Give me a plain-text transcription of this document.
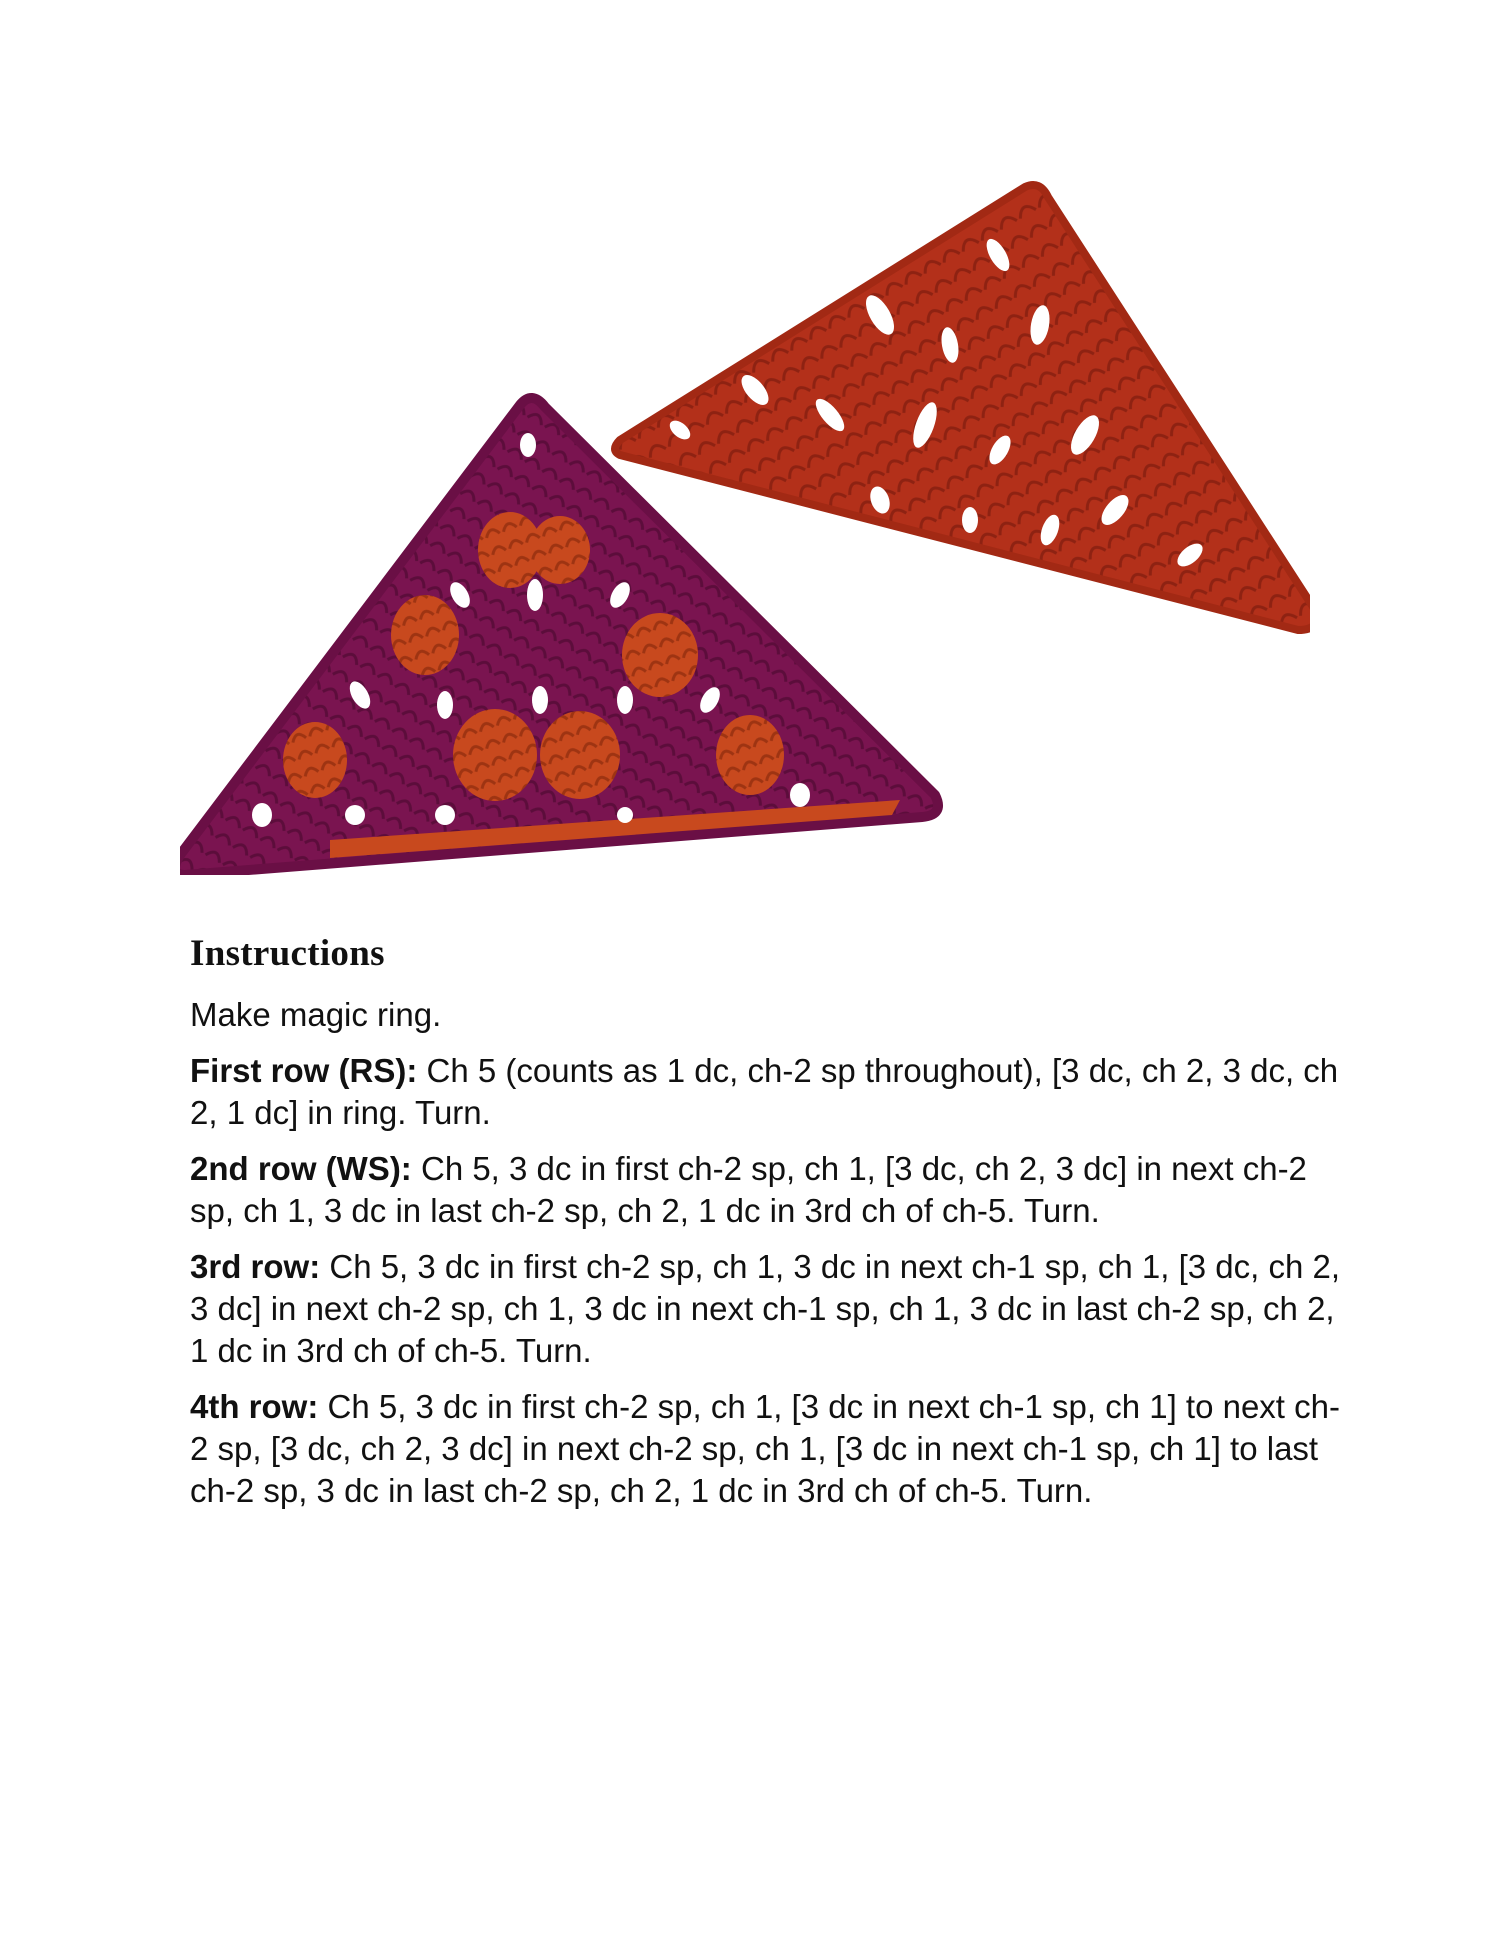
Instructions

Make magic ring.

First row (RS): Ch 5 (counts as 1 dc, ch-2 sp throughout), [3 dc, ch 2, 3 dc, ch 2, 1 dc] in ring. Turn.

2nd row (WS): Ch 5, 3 dc in first ch-2 sp, ch 1, [3 dc, ch 2, 3 dc] in next ch-2 sp, ch 1, 3 dc in last ch-2 sp, ch 2, 1 dc in 3rd ch of ch-5. Turn.

3rd row: Ch 5, 3 dc in first ch-2 sp, ch 1, 3 dc in next ch-1 sp, ch 1, [3 dc, ch 2, 3 dc] in next ch-2 sp, ch 1, 3 dc in next ch-1 sp, ch 1, 3 dc in last ch-2 sp, ch 2, 1 dc in 3rd ch of ch-5. Turn.

4th row: Ch 5, 3 dc in first ch-2 sp, ch 1, [3 dc in next ch-1 sp, ch 1] to next ch-2 sp, [3 dc, ch 2, 3 dc] in next ch-2 sp, ch 1, [3 dc in next ch-1 sp, ch 1] to last ch-2 sp, 3 dc in last ch-2 sp, ch 2, 1 dc in 3rd ch of ch-5. Turn.
